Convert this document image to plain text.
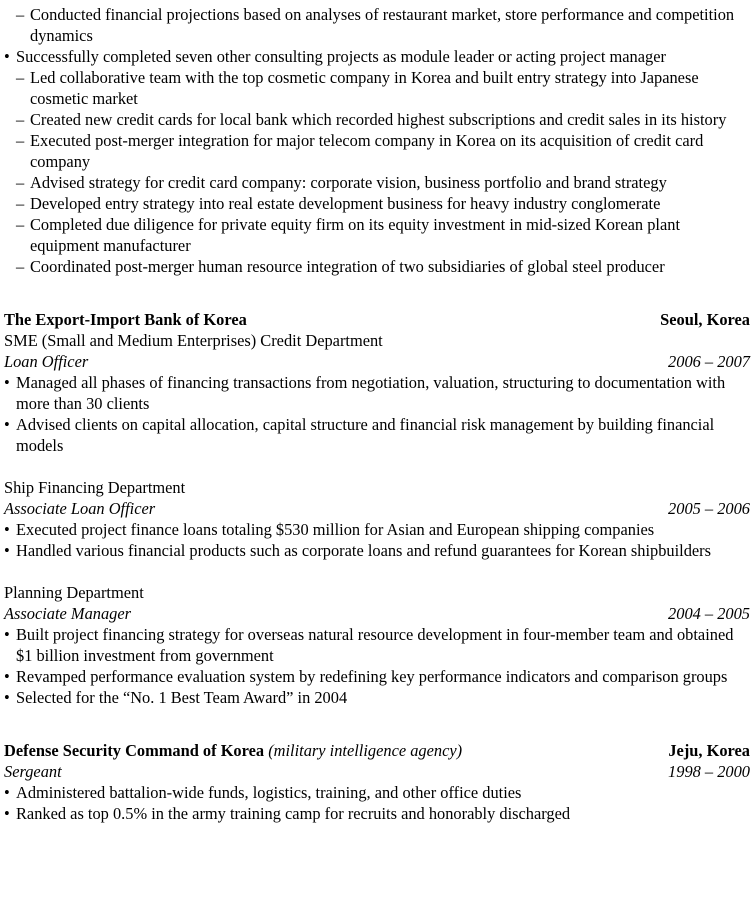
– Conducted financial projections based on analyses of restaurant market, store performance and competition dynamics
• Successfully completed seven other consulting projects as module leader or acting project manager
– Led collaborative team with the top cosmetic company in Korea and built entry strategy into Japanese cosmetic market
– Created new credit cards for local bank which recorded highest subscriptions and credit sales in its history
– Executed post-merger integration for major telecom company in Korea on its acquisition of credit card company
– Advised strategy for credit card company: corporate vision, business portfolio and brand strategy
– Developed entry strategy into real estate development business for heavy industry conglomerate
– Completed due diligence for private equity firm on its equity investment in mid-sized Korean plant equipment manufacturer
– Coordinated post-merger human resource integration of two subsidiaries of global steel producer
The Export-Import Bank of Korea	Seoul, Korea
SME (Small and Medium Enterprises) Credit Department
Loan Officer	2006 – 2007
• Managed all phases of financing transactions from negotiation, valuation, structuring to documentation with more than 30 clients
• Advised clients on capital allocation, capital structure and financial risk management by building financial models
Ship Financing Department
Associate Loan Officer	2005 – 2006
• Executed project finance loans totaling $530 million for Asian and European shipping companies
• Handled various financial products such as corporate loans and refund guarantees for Korean shipbuilders
Planning Department
Associate Manager	2004 – 2005
• Built project financing strategy for overseas natural resource development in four-member team and obtained $1 billion investment from government
• Revamped performance evaluation system by redefining key performance indicators and comparison groups
• Selected for the “No. 1 Best Team Award” in 2004
Defense Security Command of Korea (military intelligence agency)	Jeju, Korea
Sergeant	1998 – 2000
• Administered battalion-wide funds, logistics, training, and other office duties
• Ranked as top 0.5% in the army training camp for recruits and honorably discharged
